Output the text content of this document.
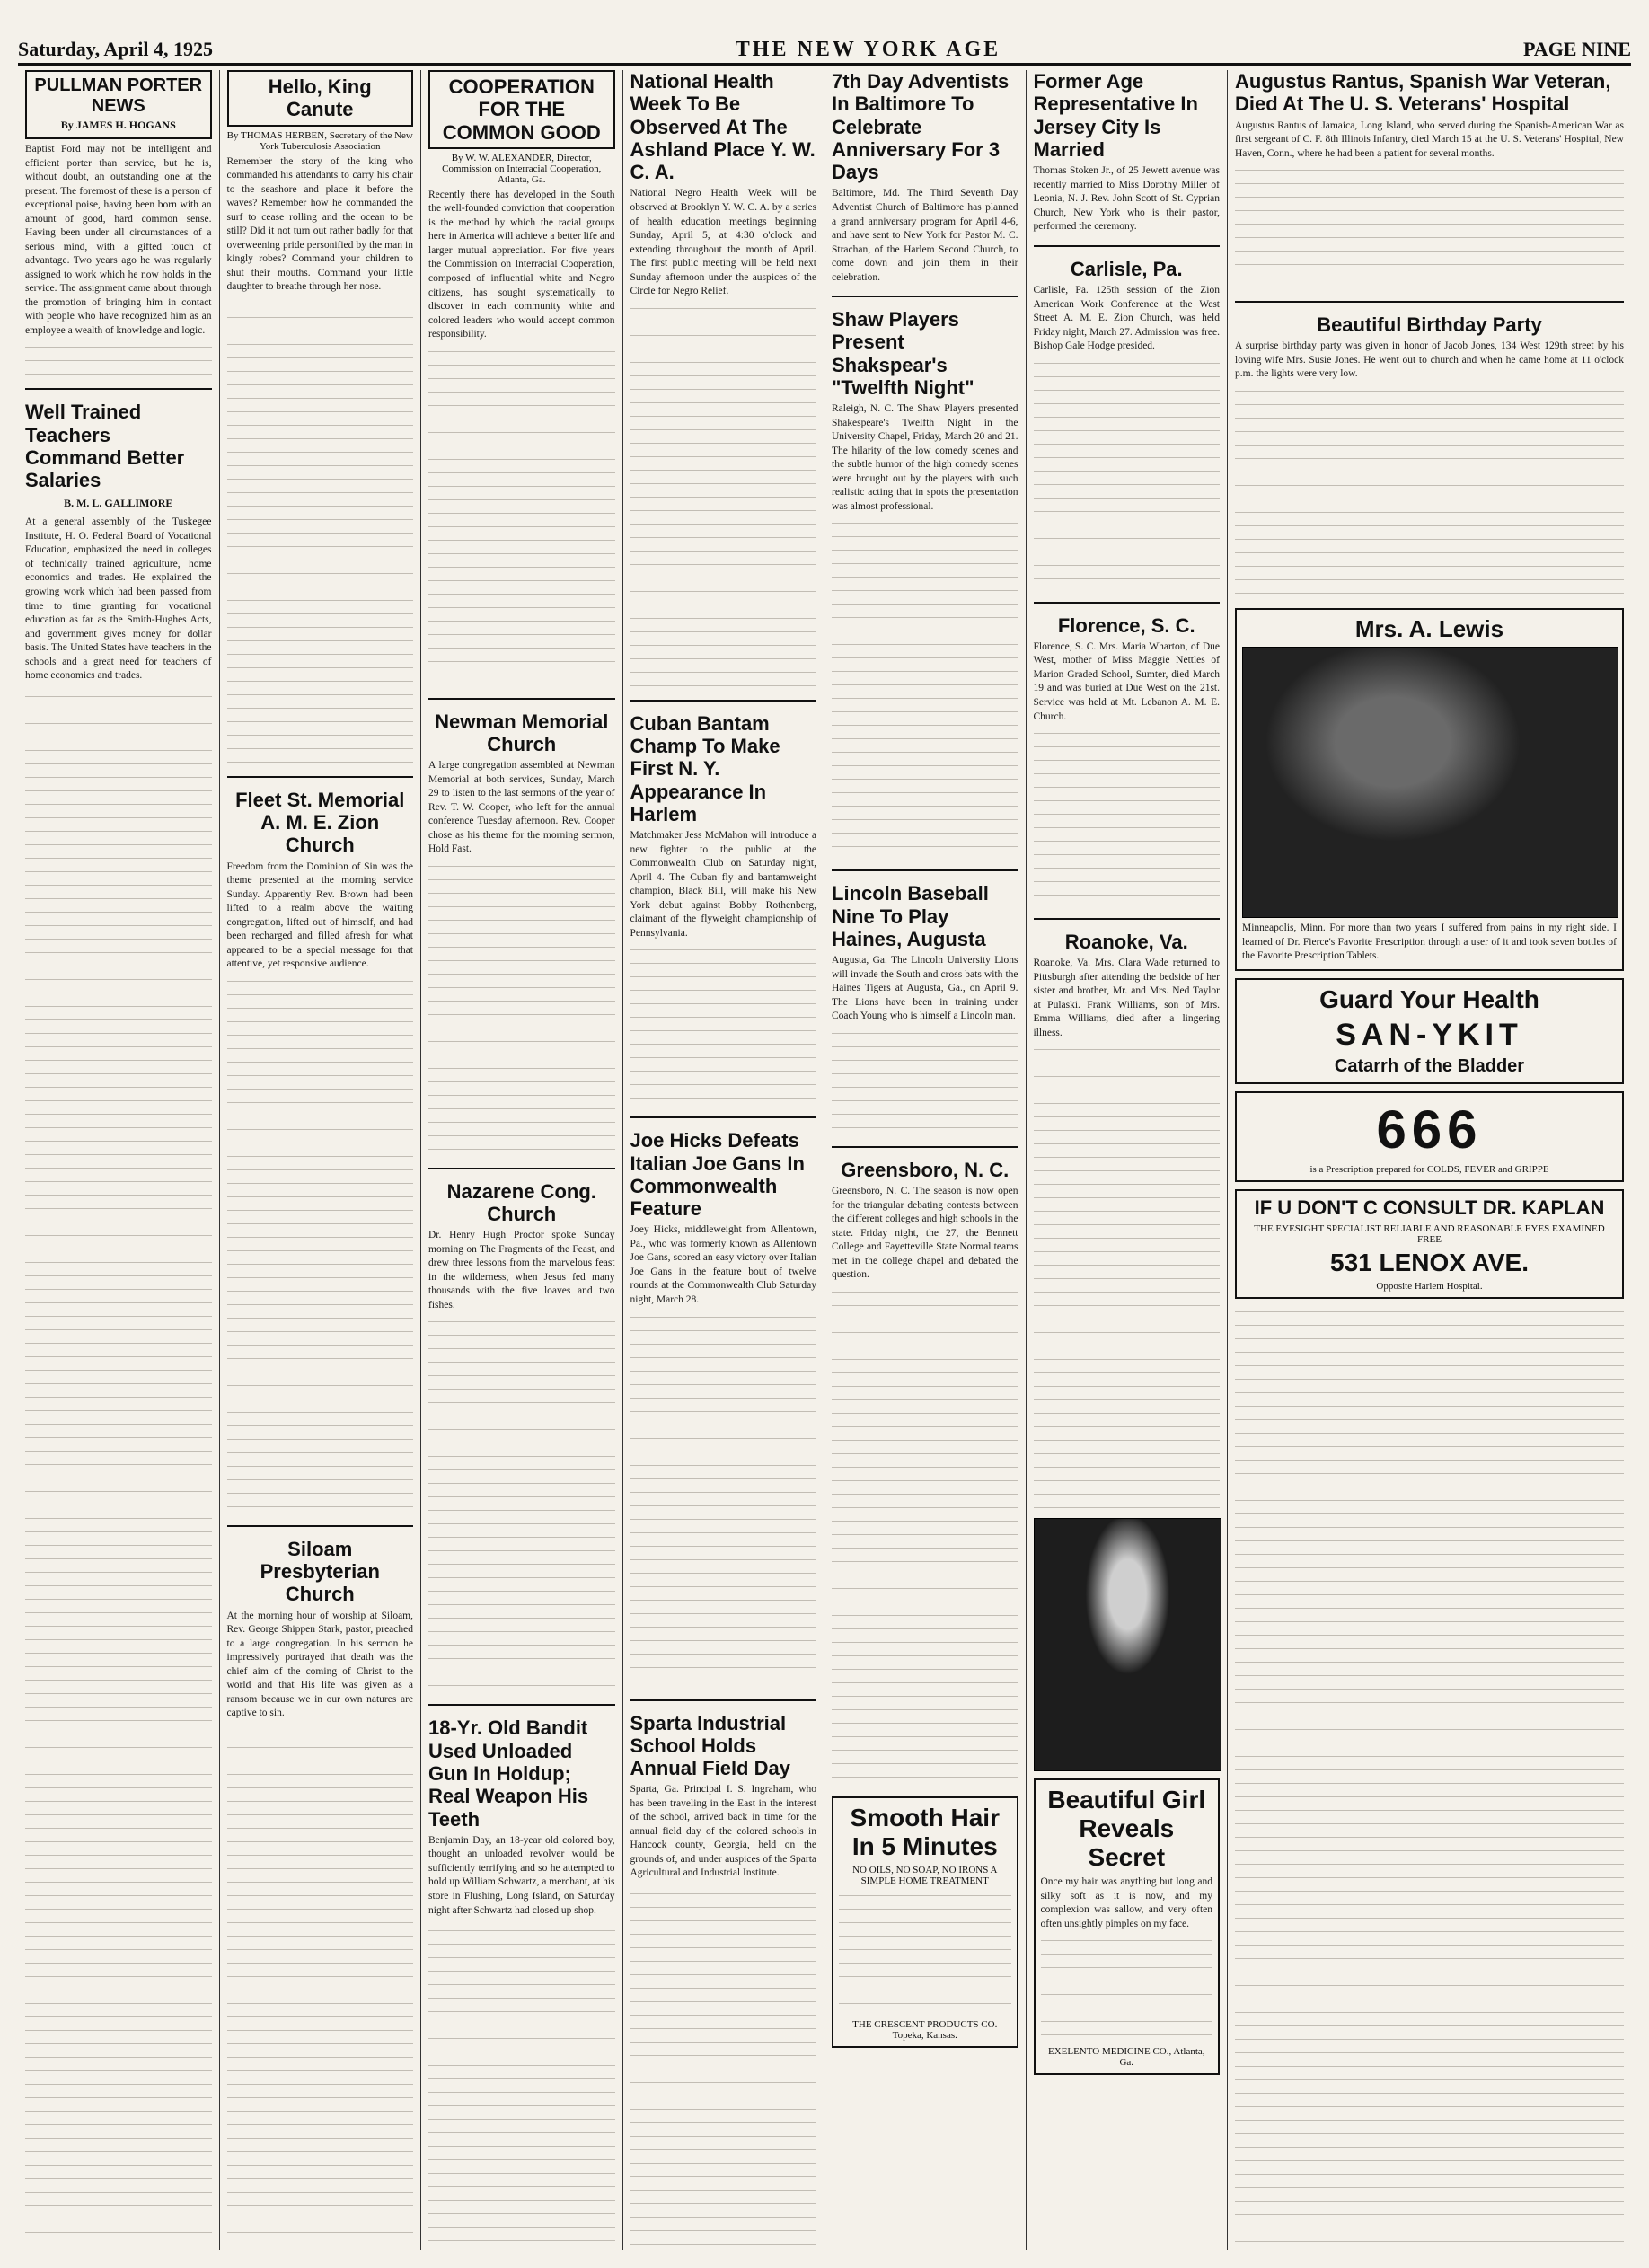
Saturday, April 4, 1925	THE NEW YORK AGE	PAGE NINE
PULLMAN PORTER NEWS

By JAMES H. HOGANS

Baptist Ford may not be intelligent and efficient porter than service, but he is, without doubt, an outstanding one at the present. The foremost of these is a person of exceptional poise, having been born with an amount of good, hard common sense. Having been under all circumstances of a serious mind, with a gifted touch of advantage. Two years ago he was regularly assigned to work which he now holds in the service. The assignment came about through the promotion of bringing him in contact with people who have recognized him as an employee a wealth of knowledge and logic.

Well Trained Teachers Command Better Salaries

B. M. L. GALLIMORE

At a general assembly of the Tuskegee Institute, H. O. Federal Board of Vocational Education, emphasized the need in colleges of technically trained agriculture, home economics and trades. He explained the growing work which had been passed from time to time granting for vocational education as far as the Smith-Hughes Acts, and government gives money for dollar basis. The United States have teachers in the schools and a great need for teachers of home economics and trades.

Hello, King Canute

By THOMAS HERBEN, Secretary of the New York Tuberculosis Association

Remember the story of the king who commanded his attendants to carry his chair to the seashore and place it before the waves? Remember how he commanded the surf to cease rolling and the ocean to be still? Did it not turn out rather badly for that overweening pride personified by the man in kingly robes? Command your children to shut their mouths. Command your little daughter to breathe through her nose.

Fleet St. Memorial A. M. E. Zion Church

Freedom from the Dominion of Sin was the theme presented at the morning service Sunday. Apparently Rev. Brown had been lifted to a realm above the waiting congregation, lifted out of himself, and had been recharged and filled afresh for what appeared to be a special message for that attentive, yet responsive audience.

Siloam Presbyterian Church

At the morning hour of worship at Siloam, Rev. George Shippen Stark, pastor, preached to a large congregation. In his sermon he impressively portrayed that death was the chief aim of the coming of Christ to the world and that His life was given as a ransom because we in our own natures are captive to sin.

COOPERATION FOR THE COMMON GOOD

By W. W. ALEXANDER, Director, Commission on Interracial Cooperation, Atlanta, Ga.

Recently there has developed in the South the well-founded conviction that cooperation is the method by which the racial groups here in America will achieve a better life and larger mutual appreciation. For five years the Commission on Interracial Cooperation, composed of influential white and Negro citizens, has sought systematically to discover in each community white and colored leaders who would accept common responsibility.

Newman Memorial Church

A large congregation assembled at Newman Memorial at both services, Sunday, March 29 to listen to the last sermons of the year of Rev. T. W. Cooper, who left for the annual conference Tuesday afternoon. Rev. Cooper chose as his theme for the morning sermon, Hold Fast.

Nazarene Cong. Church

Dr. Henry Hugh Proctor spoke Sunday morning on The Fragments of the Feast, and drew three lessons from the marvelous feast in the wilderness, when Jesus fed many thousands with the five loaves and two fishes.

18-Yr. Old Bandit Used Unloaded Gun In Holdup; Real Weapon His Teeth

Benjamin Day, an 18-year old colored boy, thought an unloaded revolver would be sufficiently terrifying and so he attempted to hold up William Schwartz, a merchant, at his store in Flushing, Long Island, on Saturday night after Schwartz had closed up shop.

National Health Week To Be Observed At The Ashland Place Y. W. C. A.

National Negro Health Week will be observed at Brooklyn Y. W. C. A. by a series of health education meetings beginning Sunday, April 5, at 4:30 o'clock and extending throughout the month of April. The first public meeting will be held next Sunday afternoon under the auspices of the Circle for Negro Relief.

Cuban Bantam Champ To Make First N. Y. Appearance In Harlem

Matchmaker Jess McMahon will introduce a new fighter to the public at the Commonwealth Club on Saturday night, April 4. The Cuban fly and bantamweight champion, Black Bill, will make his New York debut against Bobby Rothenberg, claimant of the flyweight championship of Pennsylvania.

Joe Hicks Defeats Italian Joe Gans In Commonwealth Feature

Joey Hicks, middleweight from Allentown, Pa., who was formerly known as Allentown Joe Gans, scored an easy victory over Italian Joe Gans in the feature bout of twelve rounds at the Commonwealth Club Saturday night, March 28.

Sparta Industrial School Holds Annual Field Day

Sparta, Ga. Principal I. S. Ingraham, who has been traveling in the East in the interest of the school, arrived back in time for the annual field day of the colored schools in Hancock county, Georgia, held on the grounds of, and under auspices of the Sparta Agricultural and Industrial Institute.

7th Day Adventists In Baltimore To Celebrate Anniversary For 3 Days

Baltimore, Md. The Third Seventh Day Adventist Church of Baltimore has planned a grand anniversary program for April 4-6, and have sent to New York for Pastor M. C. Strachan, of the Harlem Second Church, to come down and join them in their celebration.

Shaw Players Present Shakspear's "Twelfth Night"

Raleigh, N. C. The Shaw Players presented Shakespeare's Twelfth Night in the University Chapel, Friday, March 20 and 21. The hilarity of the low comedy scenes and the subtle humor of the high comedy scenes were brought out by the players with such realistic acting that in spots the presentation was almost professional.

Lincoln Baseball Nine To Play Haines, Augusta

Augusta, Ga. The Lincoln University Lions will invade the South and cross bats with the Haines Tigers at Augusta, Ga., on April 9. The Lions have been in training under Coach Young who is himself a Lincoln man.

Greensboro, N. C.

Greensboro, N. C. The season is now open for the triangular debating contests between the different colleges and high schools in the state. Friday night, the 27, the Bennett College and Fayetteville State Normal teams met in the college chapel and debated the question.

Smooth Hair In 5 Minutes
NO OILS, NO SOAP, NO IRONS A SIMPLE HOME TREATMENT
THE CRESCENT PRODUCTS CO. Topeka, Kansas.
Former Age Representative In Jersey City Is Married

Thomas Stoken Jr., of 25 Jewett avenue was recently married to Miss Dorothy Miller of Leonia, N. J. Rev. John Scott of St. Cyprian Church, New York who is their pastor, performed the ceremony.

Carlisle, Pa.

Carlisle, Pa. 125th session of the Zion American Work Conference at the West Street A. M. E. Zion Church, was held Friday night, March 27. Admission was free. Bishop Gale Hodge presided.

Florence, S. C.

Florence, S. C. Mrs. Maria Wharton, of Due West, mother of Miss Maggie Nettles of Marion Graded School, Sumter, died March 19 and was buried at Due West on the 21st. Service was held at Mt. Lebanon A. M. E. Church.

Roanoke, Va.

Roanoke, Va. Mrs. Clara Wade returned to Pittsburgh after attending the bedside of her sister and brother, Mr. and Mrs. Ned Taylor at Pulaski. Frank Williams, son of Mrs. Emma Williams, died after a lingering illness.

Beautiful Girl Reveals Secret

Once my hair was anything but long and silky soft as it is now, and my complexion was sallow, and very often often unsightly pimples on my face.

EXELENTO MEDICINE CO., Atlanta, Ga.
Augustus Rantus, Spanish War Veteran, Died At The U. S. Veterans' Hospital

Augustus Rantus of Jamaica, Long Island, who served during the Spanish-American War as first sergeant of C. F. 8th Illinois Infantry, died March 15 at the U. S. Veterans' Hospital, New Haven, Conn., where he had been a patient for several months.

Beautiful Birthday Party

A surprise birthday party was given in honor of Jacob Jones, 134 West 129th street by his loving wife Mrs. Susie Jones. He went out to church and when he came home at 11 o'clock p.m. the lights were very low.

Mrs. A. Lewis

Minneapolis, Minn. For more than two years I suffered from pains in my right side. I learned of Dr. Fierce's Favorite Prescription through a user of it and took seven bottles of the Favorite Prescription Tablets.

Guard Your Health
SAN-YKIT
Catarrh of the Bladder
666
is a Prescription prepared for COLDS, FEVER and GRIPPE
IF U DON'T C CONSULT DR. KAPLAN
THE EYESIGHT SPECIALIST RELIABLE AND REASONABLE EYES EXAMINED FREE
531 LENOX AVE.
Opposite Harlem Hospital.
